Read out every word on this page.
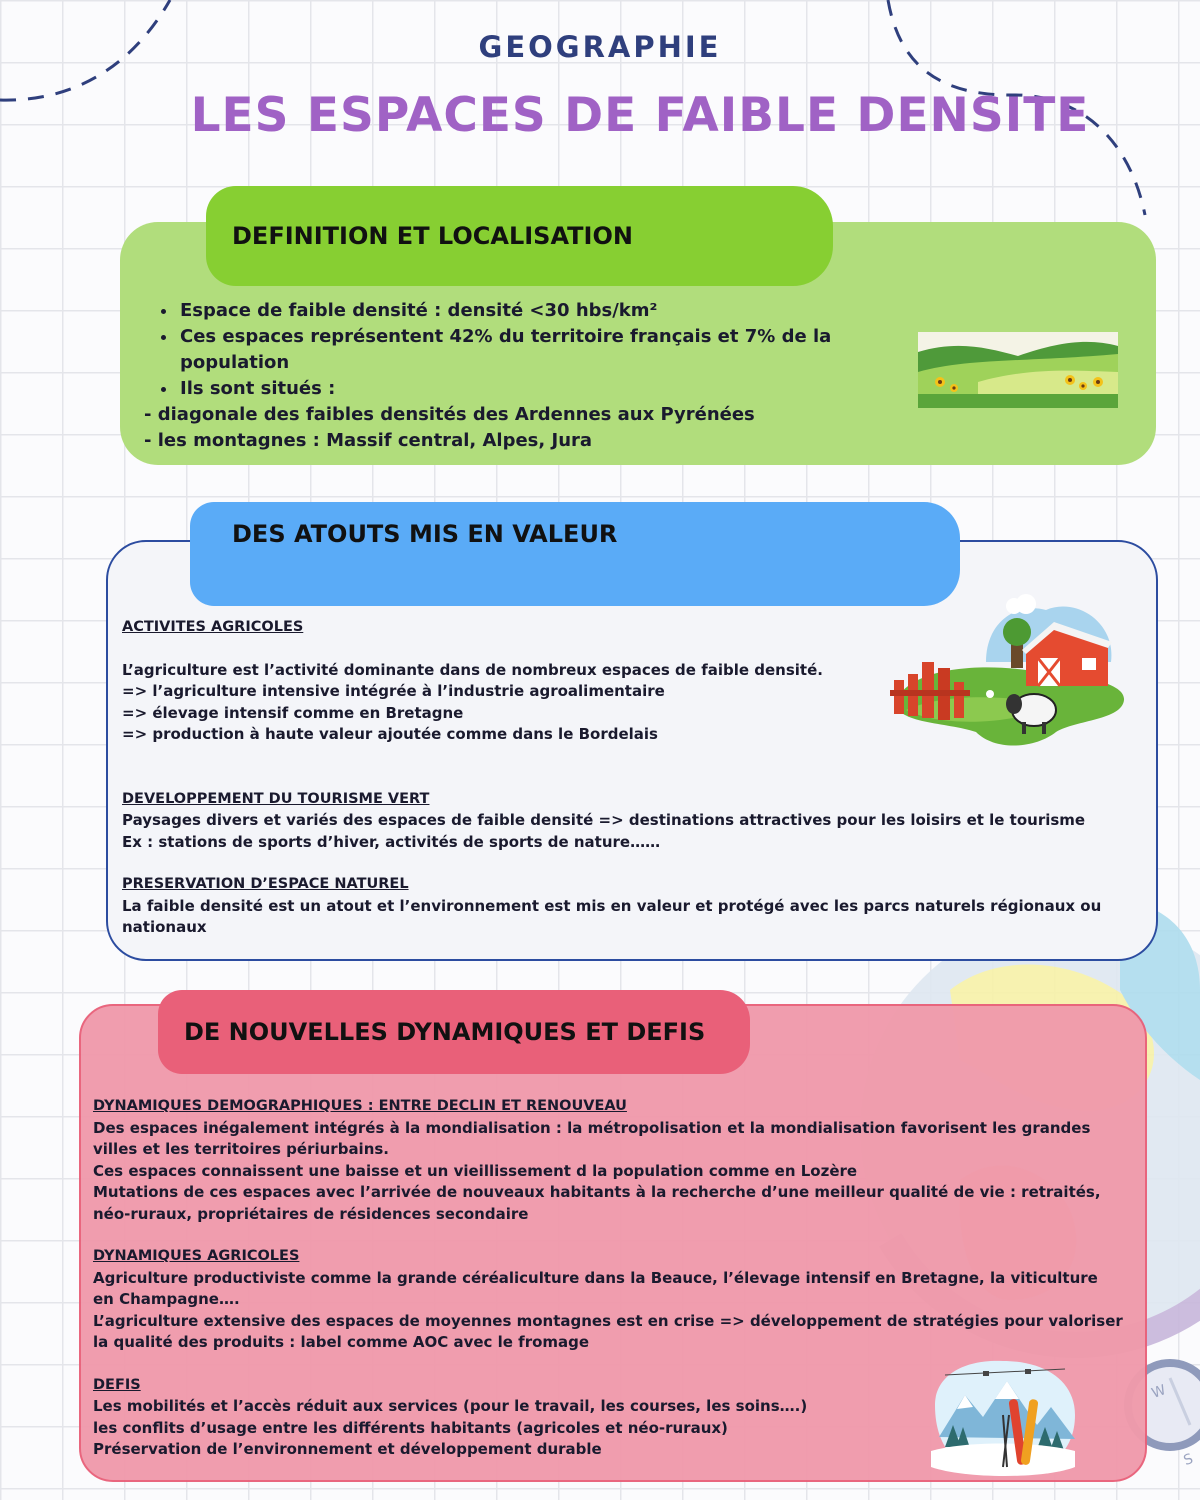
W
S
GEOGRAPHIE
LES ESPACES DE FAIBLE DENSITE
DEFINITION ET LOCALISATION
• Espace de faible densité : densité <30 hbs/km²
• Ces espaces représentent 42% du territoire français et 7% de la population
• Ils sont situés :
- diagonale des faibles densités des Ardennes aux Pyrénées
- les montagnes : Massif central, Alpes, Jura
DES ATOUTS MIS EN VALEUR

ACTIVITES AGRICOLES

L’agriculture est l’activité dominante dans de nombreux espaces de faible densité.

=> l’agriculture intensive intégrée à l’industrie agroalimentaire

=> élevage intensif comme en Bretagne

=> production à haute valeur ajoutée comme dans le Bordelais

DEVELOPPEMENT DU TOURISME VERT

Paysages divers et variés des espaces de faible densité => destinations attractives pour les loisirs et le tourisme

Ex : stations de sports d’hiver, activités de sports de nature……

PRESERVATION D’ESPACE NATUREL

La faible densité est un atout et l’environnement est mis en valeur et protégé avec les parcs naturels régionaux ou nationaux

DE NOUVELLES DYNAMIQUES ET DEFIS

DYNAMIQUES DEMOGRAPHIQUES : ENTRE DECLIN ET RENOUVEAU

Des espaces inégalement intégrés à la mondialisation : la métropolisation et la mondialisation favorisent les grandes villes et les territoires périurbains.

Ces espaces connaissent une baisse et un vieillissement d la population comme en Lozère

Mutations de ces espaces avec l’arrivée de nouveaux habitants à la recherche d’une meilleur qualité de vie : retraités, néo-ruraux, propriétaires de résidences secondaire

DYNAMIQUES AGRICOLES

Agriculture productiviste comme la grande céréaliculture dans la Beauce, l’élevage intensif en Bretagne, la viticulture en Champagne….

L’agriculture extensive des espaces de moyennes montagnes est en crise => développement de stratégies pour valoriser la qualité des produits : label comme AOC avec le fromage

DEFIS

Les mobilités et l’accès réduit aux services (pour le travail, les courses, les soins….)

les conflits d’usage entre les différents habitants (agricoles et néo-ruraux)

Préservation de l’environnement et développement durable
